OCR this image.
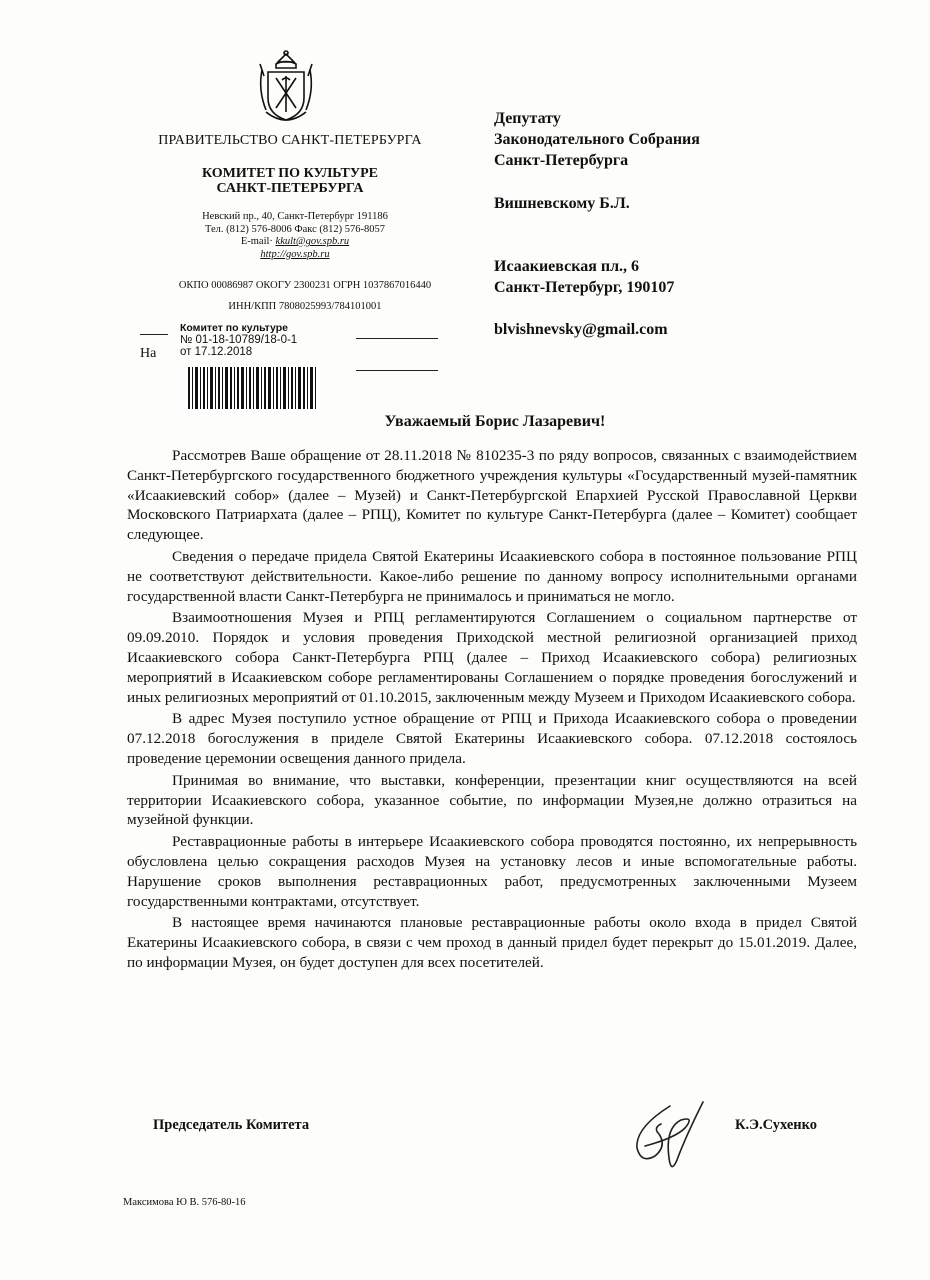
ПРАВИТЕЛЬСТВО САНКТ-ПЕТЕРБУРГА
КОМИТЕТ ПО КУЛЬТУРЕ
САНКТ-ПЕТЕРБУРГА
Невский пр., 40, Санкт-Петербург 191186
Тел. (812) 576-8006 Факс (812) 576-8057
E-mail· kkult@gov.spb.ru
http://gov.spb.ru
ОКПО 00086987 ОКОГУ 2300231 ОГРН 1037867016440
ИНН/КПП 7808025993/784101001
На
Комитет по культуре
№ 01-18-10789/18-0-1
от 17.12.2018
Депутату
Законодательного Собрания
Санкт-Петербурга
Вишневскому Б.Л.
Исаакиевская пл., 6
Санкт-Петербург, 190107
blvishnevsky@gmail.com
Уважаемый Борис Лазаревич!

Рассмотрев Ваше обращение от 28.11.2018 № 810235-3 по ряду вопросов, связанных с взаимодействием Санкт-Петербургского государственного бюджетного учреждения культуры «Государственный музей-памятник «Исаакиевский собор» (далее – Музей) и Санкт-Петербургской Епархией Русской Православной Церкви Московского Патриархата (далее – РПЦ), Комитет по культуре Санкт-Петербурга (далее – Комитет) сообщает следующее.

Сведения о передаче придела Святой Екатерины Исаакиевского собора в постоянное пользование РПЦ не соответствуют действительности. Какое-либо решение по данному вопросу исполнительными органами государственной власти Санкт-Петербурга не принималось и приниматься не могло.

Взаимоотношения Музея и РПЦ регламентируются Соглашением о социальном партнерстве от 09.09.2010. Порядок и условия проведения Приходской местной религиозной организацией приход Исаакиевского собора Санкт-Петербурга РПЦ (далее – Приход Исаакиевского собора) религиозных мероприятий в Исаакиевском соборе регламентированы Соглашением о порядке проведения богослужений и иных религиозных мероприятий от 01.10.2015, заключенным между Музеем и Приходом Исаакиевского собора.

В адрес Музея поступило устное обращение от РПЦ и Прихода Исаакиевского собора о проведении 07.12.2018 богослужения в приделе Святой Екатерины Исаакиевского собора. 07.12.2018 состоялось проведение церемонии освещения данного придела.

Принимая во внимание, что выставки, конференции, презентации книг осуществляются на всей территории Исаакиевского собора, указанное событие, по информации Музея,не должно отразиться на музейной функции.

Реставрационные работы в интерьере Исаакиевского собора проводятся постоянно, их непрерывность обусловлена целью сокращения расходов Музея на установку лесов и иные вспомогательные работы. Нарушение сроков выполнения реставрационных работ, предусмотренных заключенными Музеем государственными контрактами, отсутствует.

В настоящее время начинаются плановые реставрационные работы около входа в придел Святой Екатерины Исаакиевского собора, в связи с чем проход в данный придел будет перекрыт до 15.01.2019. Далее, по информации Музея, он будет доступен для всех посетителей.

Председатель Комитета	К.Э.Сухенко
Максимова Ю В. 576-80-16
